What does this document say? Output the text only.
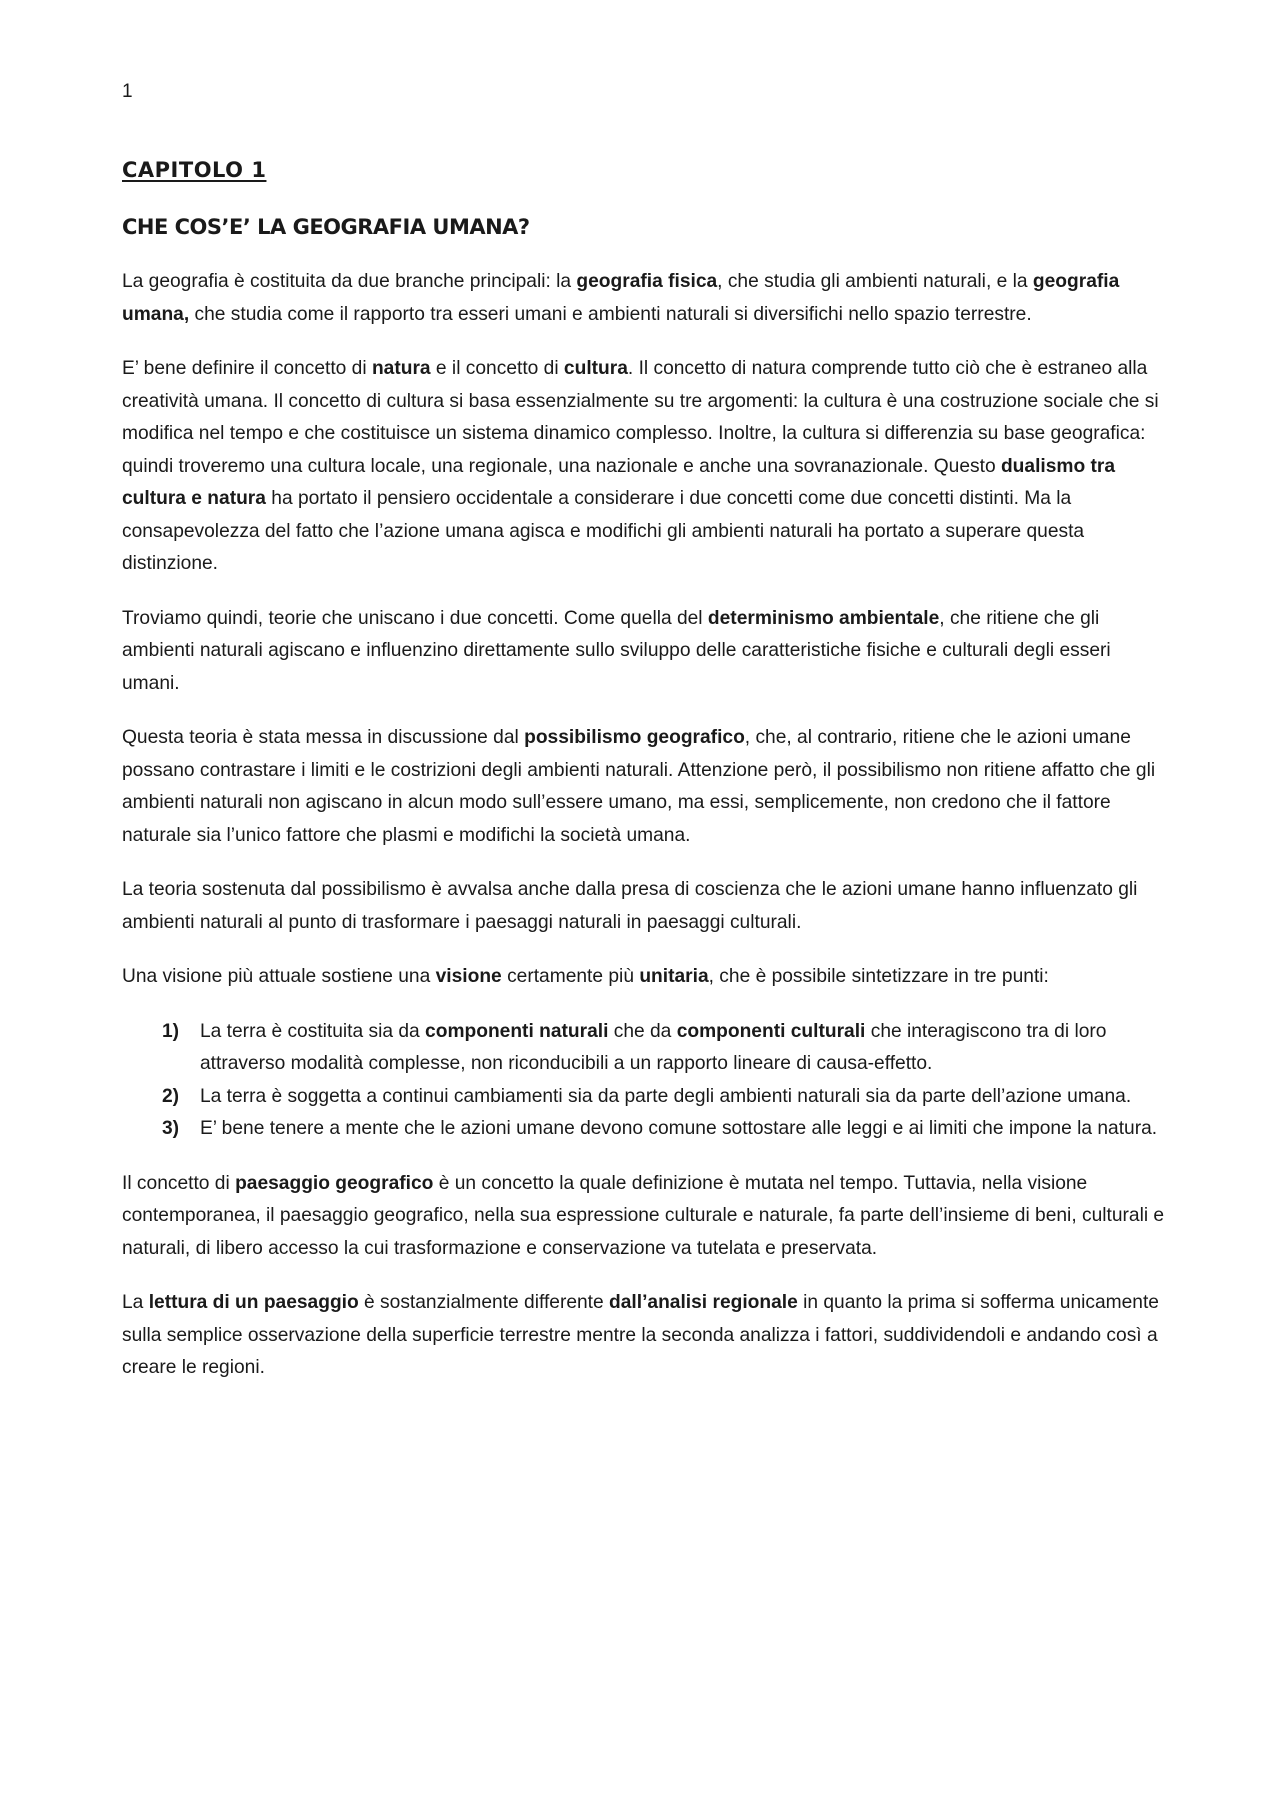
1
CAPITOLO 1
CHE COS’E’ LA GEOGRAFIA UMANA?

La geografia è costituita da due branche principali: la geografia fisica, che studia gli ambienti naturali, e la geografia umana, che studia come il rapporto tra esseri umani e ambienti naturali si diversifichi nello spazio terrestre.

E’ bene definire il concetto di natura e il concetto di cultura. Il concetto di natura comprende tutto ciò che è estraneo alla creatività umana. Il concetto di cultura si basa essenzialmente su tre argomenti: la cultura è una costruzione sociale che si modifica nel tempo e che costituisce un sistema dinamico complesso. Inoltre, la cultura si differenzia su base geografica: quindi troveremo una cultura locale, una regionale, una nazionale e anche una sovranazionale. Questo dualismo tra cultura e natura ha portato il pensiero occidentale a considerare i due concetti come due concetti distinti. Ma la consapevolezza del fatto che l’azione umana agisca e modifichi gli ambienti naturali ha portato a superare questa distinzione.

Troviamo quindi, teorie che uniscano i due concetti. Come quella del determinismo ambientale, che ritiene che gli ambienti naturali agiscano e influenzino direttamente sullo sviluppo delle caratteristiche fisiche e culturali degli esseri umani.

Questa teoria è stata messa in discussione dal possibilismo geografico, che, al contrario, ritiene che le azioni umane possano contrastare i limiti e le costrizioni degli ambienti naturali. Attenzione però, il possibilismo non ritiene affatto che gli ambienti naturali non agiscano in alcun modo sull’essere umano, ma essi, semplicemente, non credono che il fattore naturale sia l’unico fattore che plasmi e modifichi la società umana.

La teoria sostenuta dal possibilismo è avvalsa anche dalla presa di coscienza che le azioni umane hanno influenzato gli ambienti naturali al punto di trasformare i paesaggi naturali in paesaggi culturali.

Una visione più attuale sostiene una visione certamente più unitaria, che è possibile sintetizzare in tre punti:

1) La terra è costituita sia da componenti naturali che da componenti culturali che interagiscono tra di loro attraverso modalità complesse, non riconducibili a un rapporto lineare di causa-effetto.
2) La terra è soggetta a continui cambiamenti sia da parte degli ambienti naturali sia da parte dell’azione umana.
3) E’ bene tenere a mente che le azioni umane devono comune sottostare alle leggi e ai limiti che impone la natura.

Il concetto di paesaggio geografico è un concetto la quale definizione è mutata nel tempo. Tuttavia, nella visione contemporanea, il paesaggio geografico, nella sua espressione culturale e naturale, fa parte dell’insieme di beni, culturali e naturali, di libero accesso la cui trasformazione e conservazione va tutelata e preservata.

La lettura di un paesaggio è sostanzialmente differente dall’analisi regionale in quanto la prima si sofferma unicamente sulla semplice osservazione della superficie terrestre mentre la seconda analizza i fattori, suddividendoli e andando così a creare le regioni.
